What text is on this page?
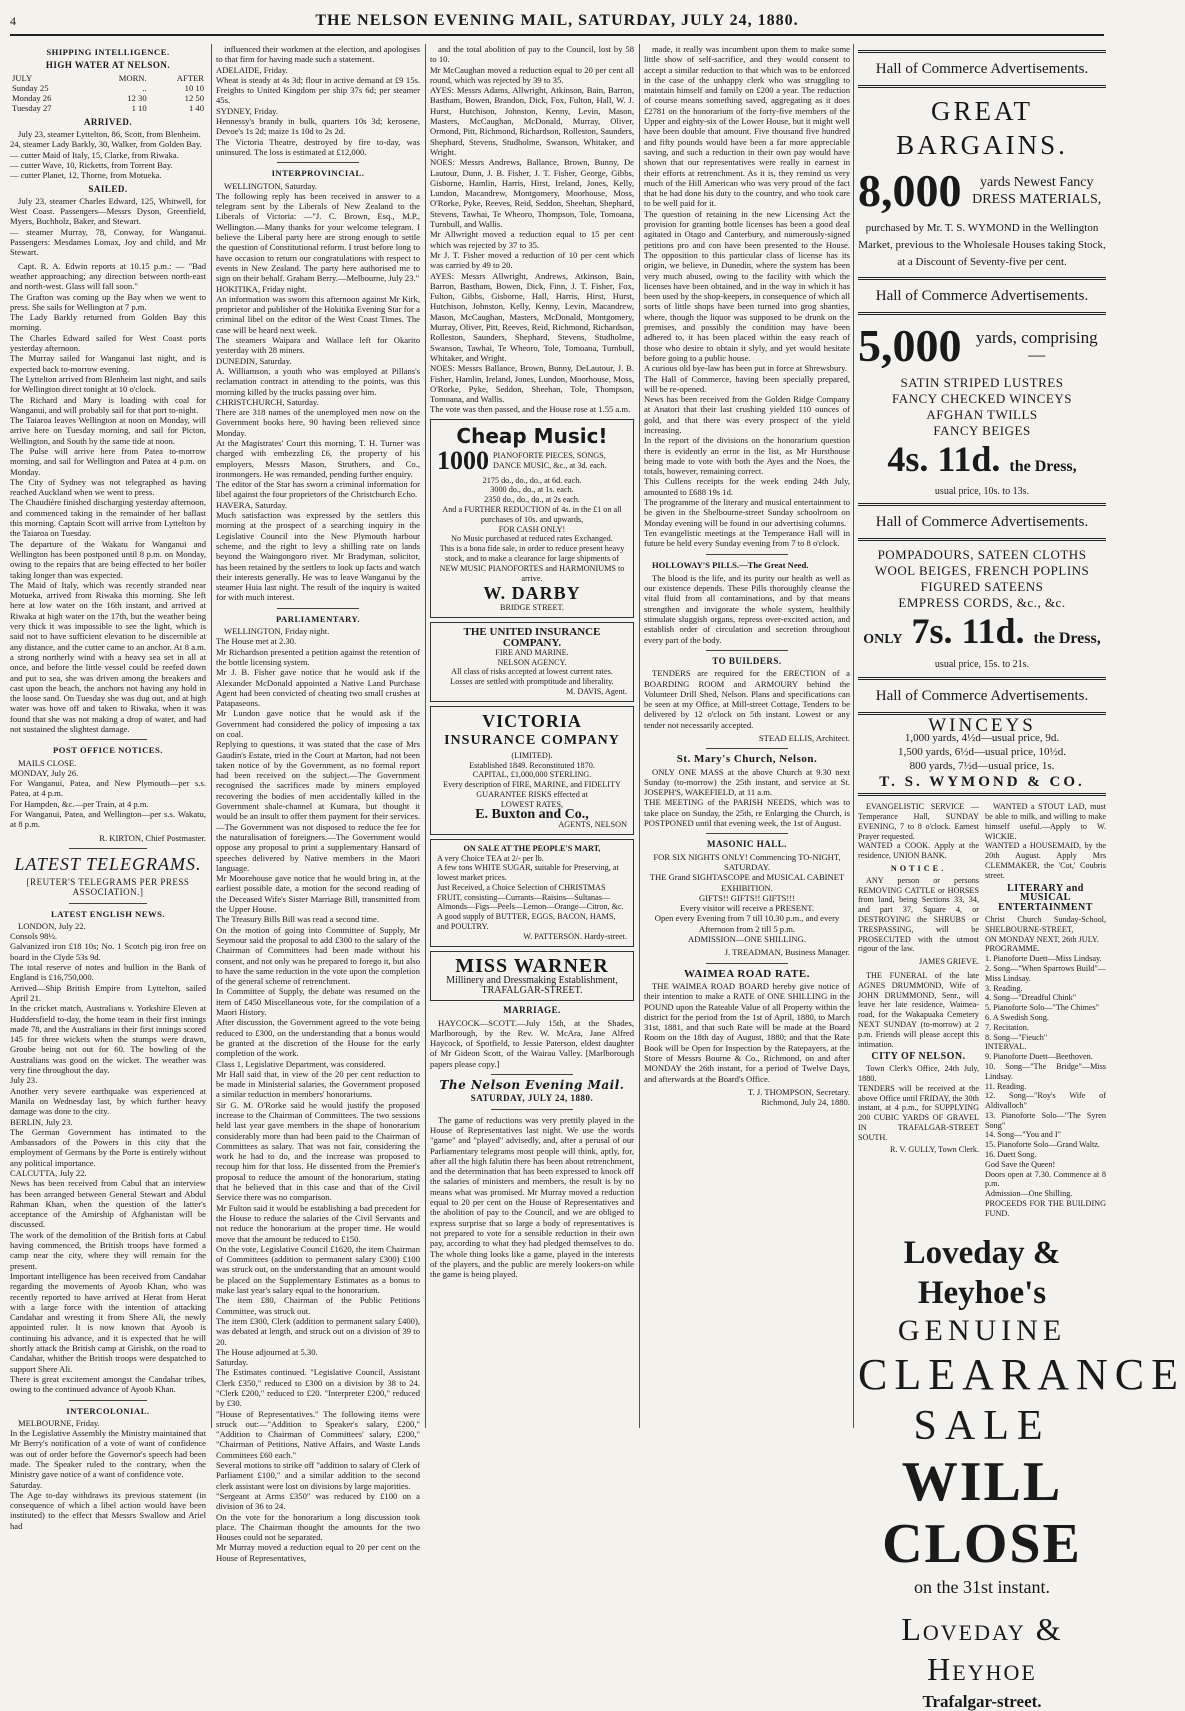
4	THE NELSON EVENING MAIL, SATURDAY, JULY 24, 1880.
SHIPPING INTELLIGENCE.
HIGH WATER AT NELSON.
JULY	MORN.	AFTER
Sunday 25	..	10 10
Monday 26	12 30	12 50
Tuesday 27	1 10	1 40
ARRIVED.
July 23, steamer Lyttelton, 86, Scott, from Blenheim.
24, steamer Lady Barkly, 30, Walker, from Golden Bay.
— cutter Maid of Italy, 15, Clarke, from Riwaka.
— cutter Wave, 10, Ricketts, from Torrent Bay.
— cutter Planet, 12, Thorne, from Motueka.
SAILED.
July 23, steamer Charles Edward, 125, Whitwell, for West Coast. Passengers—Messrs Dyson, Greenfield, Myers, Buchholz, Baker, and Stewart.
— steamer Murray, 78, Conway, for Wanganui. Passengers: Mesdames Lomax, Joy and child, and Mr Stewart.
Capt. R. A. Edwin reports at 10.15 p.m.: — "Bad weather approaching; any direction between north-east and north-west. Glass will fall soon."
The Grafton was coming up the Bay when we went to press. She sails for Wellington at 7 p.m.
The Lady Barkly returned from Golden Bay this morning.
The Charles Edward sailed for West Coast ports yesterday afternoon.
The Murray sailed for Wanganui last night, and is expected back to-morrow evening.
The Lyttelton arrived from Blenheim last night, and sails for Wellington direct tonight at 10 o'clock.
The Richard and Mary is loading with coal for Wanganui, and will probably sail for that port to-night.
The Taiaroa leaves Wellington at noon on Monday, will arrive here on Tuesday morning, and sail for Picton, Wellington, and South by the same tide at noon.
The Pulse will arrive here from Patea to-morrow morning, and sail for Wellington and Patea at 4 p.m. on Monday.
The City of Sydney was not telegraphed as having reached Auckland when we went to press.
The Chaudière finished discharging yesterday afternoon, and commenced taking in the remainder of her ballast this morning. Captain Scott will arrive from Lyttelton by the Taiaroa on Tuesday.
The departure of the Wakatu for Wanganui and Wellington has been postponed until 8 p.m. on Monday, owing to the repairs that are being effected to her boiler taking longer than was expected.
The Maid of Italy, which was recently stranded near Motueka, arrived from Riwaka this morning. She left here at low water on the 16th instant, and arrived at Riwaka at high water on the 17th, but the weather being very thick it was impossible to see the light, which is said not to have sufficient elevation to be discernible at any distance, and the cutter came to an anchor. At 8 a.m. a strong northerly wind with a heavy sea set in all at once, and before the little vessel could be reefed down and put to sea, she was driven among the breakers and cast upon the beach, the anchors not having any hold in the loose sand. On Tuesday she was dug out, and at high water was hove off and taken to Riwaka, when it was found that she was not making a drop of water, and had not sustained the slightest damage.
POST OFFICE NOTICES.
MAILS CLOSE.
MONDAY, July 26.
For Wanganui, Patea, and New Plymouth—per s.s. Patea, at 4 p.m.
For Hampden, &c.—per Train, at 4 p.m.
For Wanganui, Patea, and Wellington—per s.s. Wakatu, at 8 p.m.
R. KIRTON, Chief Postmaster.
LATEST TELEGRAMS.
[REUTER'S TELEGRAMS PER PRESS ASSOCIATION.]
LATEST ENGLISH NEWS.
LONDON, July 22.
Consols 98½.
Galvanized iron £18 10s; No. 1 Scotch pig iron free on board in the Clyde 53s 9d.
The total reserve of notes and bullion in the Bank of England is £16,750,000.
Arrived—Ship British Empire from Lyttelton, sailed April 21.
In the cricket match, Australians v. Yorkshire Eleven at Huddersfield to-day, the home team in their first innings made 78, and the Australians in their first innings scored 145 for three wickets when the stumps were drawn, Groube being not out for 60. The bowling of the Australians was good on the wicket. The weather was very fine throughout the day.
July 23.
Another very severe earthquake was experienced at Manila on Wednesday last, by which further heavy damage was done to the city.
BERLIN, July 23.
The German Government has intimated to the Ambassadors of the Powers in this city that the employment of Germans by the Porte is entirely without any political importance.
CALCUTTA, July 22.
News has been received from Cabul that an interview has been arranged between General Stewart and Abdul Rahman Khan, when the question of the latter's acceptance of the Amirship of Afghanistan will be discussed.
The work of the demolition of the British forts at Cabul having commenced, the British troops have formed a camp near the city, where they will remain for the present.
Important intelligence has been received from Candahar regarding the movements of Ayoob Khan, who was recently reported to have arrived at Herat from Herat with a large force with the intention of attacking Candahar and wresting it from Shere Ali, the newly appointed ruler. It is now known that Ayoob is continuing his advance, and it is expected that he will shortly attack the British camp at Girishk, on the road to Candahar, whither the British troops were despatched to support Shere Ali.
There is great excitement amongst the Candahar tribes, owing to the continued advance of Ayoob Khan.
INTERCOLONIAL.
MELBOURNE, Friday.
In the Legislative Assembly the Ministry maintained that Mr Berry's notification of a vote of want of confidence was out of order before the Governor's speech had been made. The Speaker ruled to the contrary, when the Ministry gave notice of a want of confidence vote.
Saturday.
The Age to-day withdraws its previous statement (in consequence of which a libel action would have been instituted) to the effect that Messrs Swallow and Ariel had
influenced their workmen at the election, and apologises to that firm for having made such a statement.
ADELAIDE, Friday.
Wheat is steady at 4s 3d; flour in active demand at £9 15s. Freights to United Kingdom per ship 37s 6d; per steamer 45s.
SYDNEY, Friday.
Hennessy's brandy in bulk, quarters 10s 3d; kerosene, Devoe's 1s 2d; maize 1s 10d to 2s 2d.
The Victoria Theatre, destroyed by fire to-day, was uninsured. The loss is estimated at £12,000.
INTERPROVINCIAL.
WELLINGTON, Saturday.
The following reply has been received in answer to a telegram sent by the Liberals of New Zealand to the Liberals of Victoria: —"J. C. Brown, Esq., M.P., Wellington.—Many thanks for your welcome telegram. I believe the Liberal party here are strong enough to settle the question of Constitutional reform. I trust before long to have occasion to return our congratulations with respect to events in New Zealand. The party here authorised me to sign on their behalf. Graham Berry.—Melbourne, July 23."
HOKITIKA, Friday night.
An information was sworn this afternoon against Mr Kirk, proprietor and publisher of the Hokitika Evening Star for a criminal libel on the editor of the West Coast Times. The case will be heard next week.
The steamers Waipara and Wallace left for Okarito yesterday with 28 miners.
DUNEDIN, Saturday.
A. Williamson, a youth who was employed at Pillans's reclamation contract in attending to the points, was this morning killed by the trucks passing over him.
CHRISTCHURCH, Saturday.
There are 318 names of the unemployed men now on the Government books here, 90 having been relieved since Monday.
At the Magistrates' Court this morning, T. H. Turner was charged with embezzling £6, the property of his employers, Messrs Mason, Struthers, and Co., ironmongers. He was remanded, pending further enquiry.
The editor of the Star has sworn a criminal information for libel against the four proprietors of the Christchurch Echo.
HAVERA, Saturday.
Much satisfaction was expressed by the settlers this morning at the prospect of a searching inquiry in the Legislative Council into the New Plymouth harbour scheme, and the right to levy a shilling rate on lands beyond the Waingongoro river. Mr Bradyman, solicitor, has been retained by the settlers to look up facts and watch their interests generally. He was to leave Wanganui by the steamer Huia last night. The result of the inquiry is waited for with much interest.
PARLIAMENTARY.
WELLINGTON, Friday night.
The House met at 2.30.
Mr Richardson presented a petition against the retention of the bottle licensing system.
Mr J. B. Fisher gave notice that he would ask if the Alexander McDonald appointed a Native Land Purchase Agent had been convicted of cheating two small crushes at Patapaseons.
Mr Lundon gave notice that he would ask if the Government had considered the policy of imposing a tax on coal.
Replying to questions, it was stated that the case of Mrs Gaudin's Estate, tried in the Court at Marton, had not been taken notice of by the Government, as no formal report had been received on the subject.—The Government recognised the sacrifices made by miners employed recovering the bodies of men accidentally killed in the Government shale-channel at Kumara, but thought it would be an insult to offer them payment for their services.—The Government was not disposed to reduce the fee for the naturalisation of foreigners.—The Government would oppose any proposal to print a supplementary Hansard of speeches delivered by Native members in the Maori language.
Mr Moorehouse gave notice that he would bring in, at the earliest possible date, a motion for the second reading of the Deceased Wife's Sister Marriage Bill, transmitted from the Upper House.
The Treasury Bills Bill was read a second time.
On the motion of going into Committee of Supply, Mr Seymour said the proposal to add £300 to the salary of the Chairman of Committees had been made without his consent, and not only was he prepared to forego it, but also to have the same reduction in the vote upon the completion of the general scheme of retrenchment.
In Committee of Supply, the debate was resumed on the item of £450 Miscellaneous vote, for the compilation of a Maori History.
After discussion, the Government agreed to the vote being reduced to £300, on the understanding that a bonus would be granted at the discretion of the House for the early completion of the work.
Class 1, Legislative Department, was considered.
Mr Hall said that, in view of the 20 per cent reduction to be made in Ministerial salaries, the Government proposed a similar reduction in members' honorariums.
Sir G. M. O'Rorke said he would justify the proposed increase to the Chairman of Committees. The two sessions held last year gave members in the shape of honorarium considerably more than had been paid to the Chairman of Committees as salary. That was not fair, considering the work he had to do, and the increase was proposed to recoup him for that loss. He dissented from the Premier's proposal to reduce the amount of the honorarium, stating that he believed that in this case and that of the Civil Service there was no comparison.
Mr Fulton said it would be establishing a bad precedent for the House to reduce the salaries of the Civil Servants and not reduce the honorarium at the proper time. He would move that the amount be reduced to £150.
On the vote, Legislative Council £1620, the item Chairman of Committees (addition to permanent salary £300) £100 was struck out, on the understanding that an amount would be placed on the Supplementary Estimates as a bonus to make last year's salary equal to the honorarium.
The item £80, Chairman of the Public Petitions Committee, was struck out.
The item £300, Clerk (addition to permanent salary £400), was debated at length, and struck out on a division of 39 to 20.
The House adjourned at 5.30.
Saturday.
The Estimates continued. "Legislative Council, Assistant Clerk £350," reduced to £300 on a division by 38 to 24. "Clerk £200," reduced to £20. "Interpreter £200," reduced by £30.
"House of Representatives." The following items were struck out:—"Addition to Speaker's salary, £200," "Addition to Chairman of Committees' salary, £200," "Chairman of Petitions, Native Affairs, and Waste Lands Committees £60 each."
Several motions to strike off "addition to salary of Clerk of Parliament £100," and a similar addition to the second clerk assistant were lost on divisions by large majorities.
"Sergeant at Arms £350" was reduced by £100 on a division of 36 to 24.
On the vote for the honorarium a long discussion took place. The Chairman thought the amounts for the two Houses could not be separated.
Mr Murray moved a reduction equal to 20 per cent on the House of Representatives,
and the total abolition of pay to the Council, lost by 58 to 10.
Mr McCaughan moved a reduction equal to 20 per cent all round, which was rejected by 39 to 35.
AYES: Messrs Adams, Allwright, Atkinson, Bain, Barron, Bastham, Bowen, Brandon, Dick, Fox, Fulton, Hall, W. J. Hurst, Hutchison, Johnston, Kenny, Levin, Mason, Masters, McCaughan, McDonald, Murray, Oliver, Ormond, Pitt, Richmond, Richardson, Rolleston, Saunders, Shephard, Stevens, Studholme, Swanson, Whitaker, and Wright.
NOES: Messrs Andrews, Ballance, Brown, Bunny, De Lautour, Dunn, J. B. Fisher, J. T. Fisher, George, Gibbs, Gisborne, Hamlin, Harris, Hirst, Ireland, Jones, Kelly, Lundon, Macandrew, Montgomery, Moorhouse, Moss, O'Rorke, Pyke, Reeves, Reid, Seddon, Sheehan, Shephard, Stevens, Tawhai, Te Wheoro, Thompson, Tole, Tomoana, Turnbull, and Wallis.
Mr Allwright moved a reduction equal to 15 per cent which was rejected by 37 to 35.
Mr J. T. Fisher moved a reduction of 10 per cent which was carried by 49 to 20.
AYES: Messrs Allwright, Andrews, Atkinson, Bain, Barron, Bastham, Bowen, Dick, Finn, J. T. Fisher, Fox, Fulton, Gibbs, Gisborne, Hall, Harris, Hirst, Hurst, Hutchison, Johnston, Kelly, Kenny, Levin, Macandrew, Mason, McCaughan, Masters, McDonald, Montgomery, Murray, Oliver, Pitt, Reeves, Reid, Richmond, Richardson, Rolleston, Saunders, Shephard, Stevens, Studholme, Swanson, Tawhai, Te Wheoro, Tole, Tomoana, Turnbull, Whitaker, and Wright.
NOES: Messrs Ballance, Brown, Bunny, DeLautour, J. B. Fisher, Hamlin, Ireland, Jones, Lundon, Moorhouse, Moss, O'Rorke, Pyke, Seddon, Sheehan, Tole, Thompson, Tomoana, and Wallis.
The vote was then passed, and the House rose at 1.55 a.m.
Cheap Music!
1000 PIANOFORTE PIECES, SONGS, DANCE MUSIC, &c., at 3d. each.
2175 do., do., do., at 6d. each.
3000 do., do., at 1s. each.
2350 do., do., do., at 2s each.
And a FURTHER REDUCTION of 4s. in the £1 on all purchases of 10s. and upwards,
FOR CASH ONLY!
No Music purchased at reduced rates Exchanged.
This is a bona fide sale, in order to reduce present heavy stock, and to make a clearance for large shipments of NEW MUSIC PIANOFORTES and HARMONIUMS to arrive.
W. DARBY
BRIDGE STREET.
THE UNITED INSURANCE COMPANY.
FIRE AND MARINE.
NELSON AGENCY.
All class of risks accepted at lowest current rates.
Losses are settled with promptitude and liberality.
M. DAVIS, Agent.
VICTORIA
INSURANCE COMPANY
(LIMITED).
Established 1849. Reconstituted 1870.
CAPITAL, £1,000,000 STERLING.
Every description of FIRE, MARINE, and FIDELITY GUARANTEE RISKS effected at
LOWEST RATES,
E. Buxton and Co.,
AGENTS, NELSON
ON SALE AT THE PEOPLE'S MART,
A very Choice TEA at 2/- per lb.
A few tons WHITE SUGAR, suitable for Preserving, at lowest market prices.
Just Received, a Choice Selection of CHRISTMAS FRUIT, consisting—Currants—Raisins—Sultanas—Almonds—Figs—Peels—Lemon—Orange—Citron, &c.
A good supply of BUTTER, EGGS, BACON, HAMS, and POULTRY.
W. PATTERSON. Hardy-street.
MISS WARNER
Millinery and Dressmaking Establishment,
TRAFALGAR-STREET.
MARRIAGE.
HAYCOCK—SCOTT.—July 15th, at the Shades, Marlborough, by the Rev. W. McAra, Jane Alfred Haycock, of Spotfield, to Jessie Paterson, eldest daughter of Mr Gideon Scott, of the Wairau Valley. [Marlborough papers please copy.]
The Nelson Evening Mail.
SATURDAY, JULY 24, 1880.
The game of reductions was very prettily played in the House of Representatives last night. We use the words "game" and "played" advisedly, and, after a perusal of our Parliamentary telegrams most people will think, aptly, for, after all the high falutin there has been about retrenchment, and the determination that has been expressed to knock off the salaries of ministers and members, the result is by no means what was promised. Mr Murray moved a reduction equal to 20 per cent on the House of Representatives and the abolition of pay to the Council, and we are obliged to express surprise that so large a body of representatives is not prepared to vote for a sensible reduction in their own pay, according to what they had pledged themselves to do. The whole thing looks like a game, played in the interests of the players, and the public are merely lookers-on while the game is being played.
made, it really was incumbent upon them to make some little show of self-sacrifice, and they would consent to accept a similar reduction to that which was to be enforced in the case of the unhappy clerk who was struggling to maintain himself and family on £200 a year. The reduction of course means something saved, aggregating as it does £2781 on the honorarium of the forty-five members of the Upper and eighty-six of the Lower House, but it might well have been double that amount. Five thousand five hundred and fifty pounds would have been a far more appreciable saving, and such a reduction in their own pay would have shown that our representatives were really in earnest in their efforts at retrenchment. As it is, they remind us very much of the Hill American who was very proud of the fact that he had done his duty to the country, and who took care to be well paid for it.
The question of retaining in the new Licensing Act the provision for granting bottle licenses has been a good deal agitated in Otago and Canterbury, and numerously-signed petitions pro and con have been presented to the House. The opposition to this particular class of license has its origin, we believe, in Dunedin, where the system has been very much abused, owing to the facility with which the licenses have been obtained, and in the way in which it has been used by the shop-keepers, in consequence of which all sorts of little shops have been turned into grog shanties, where, though the liquor was supposed to be drunk on the premises, and possibly the condition may have been adhered to, it has been placed within the easy reach of those who desire to obtain it slyly, and yet would hesitate before going to a public house.
A curious old bye-law has been put in force at Shrewsbury.
The Hall of Commerce, having been specially prepared, will be re-opened.
News has been received from the Golden Ridge Company at Anatori that their last crushing yielded 110 ounces of gold, and that there was every prospect of the yield increasing.
In the report of the divisions on the honorarium question there is evidently an error in the list, as Mr Hursthouse being made to vote with both the Ayes and the Noes, the totals, however, remaining correct.
This Cullens receipts for the week ending 24th July, amounted to £688 19s 1d.
The programme of the literary and musical entertainment to be given in the Shelbourne-street Sunday schoolroom on Monday evening will be found in our advertising columns.
Ten evangelistic meetings at the Temperance Hall will in future be held every Sunday evening from 7 to 8 o'clock.
HOLLOWAY'S PILLS.—The Great Need.
The blood is the life, and its purity our health as well as our existence depends. These Pills thoroughly cleanse the vital fluid from all contaminations, and by that means strengthen and invigorate the whole system, healthily stimulate sluggish organs, repress over-excited action, and establish order of circulation and secretion throughout every part of the body.
TO BUILDERS.
TENDERS are required for the ERECTION of a BOARDING ROOM and ARMOURY behind the Volunteer Drill Shed, Nelson. Plans and specifications can be seen at my Office, at Mill-street Cottage, Tenders to be delivered by 12 o'clock on 5th instant. Lowest or any tender not necessarily accepted.
STEAD ELLIS, Architect.
St. Mary's Church, Nelson.
ONLY ONE MASS at the above Church at 9.30 next Sunday (to-morrow) the 25th instant, and service at St. JOSEPH'S, WAKEFIELD, at 11 a.m.
THE MEETING of the PARISH NEEDS, which was to take place on Sunday, the 25th, re Enlarging the Church, is POSTPONED until that evening week, the 1st of August.
MASONIC HALL.
FOR SIX NIGHTS ONLY! Commencing TO-NIGHT, SATURDAY.
THE Grand SIGHTASCOPE and MUSICAL CABINET EXHIBITION.
GIFTS!! GIFTS!! GIFTS!!!
Every visitor will receive a PRESENT.
Open every Evening from 7 till 10.30 p.m., and every Afternoon from 2 till 5 p.m.
ADMISSION—ONE SHILLING.
J. TREADMAN, Business Manager.
WAIMEA ROAD RATE.
THE WAIMEA ROAD BOARD hereby give notice of their intention to make a RATE of ONE SHILLING in the POUND upon the Rateable Value of all Property within the district for the period from the 1st of April, 1880, to March 31st, 1881, and that such Rate will be made at the Board Room on the 18th day of August, 1880; and that the Rate Book will be Open for Inspection by the Ratepayers, at the Store of Messrs Bourne & Co., Richmond, on and after MONDAY the 26th instant, for a period of Twelve Days, and afterwards at the Board's Office.
T. J. THOMPSON, Secretary.
Richmond, July 24, 1880.
Hall of Commerce Advertisements.
GREAT BARGAINS.
8,000	yards Newest Fancy DRESS MATERIALS,
purchased by Mr. T. S. WYMOND in the Wellington Market, previous to the Wholesale Houses taking Stock, at a Discount of Seventy-five per cent.
Hall of Commerce Advertisements.
5,000 yards, comprising—
SATIN STRIPED LUSTRES
FANCY CHECKED WINCEYS
AFGHAN TWILLS
FANCY BEIGES
4s. 11d. the Dress,
usual price, 10s. to 13s.
Hall of Commerce Advertisements.
POMPADOURS, SATEEN CLOTHS
WOOL BEIGES, FRENCH POPLINS
FIGURED SATEENS
EMPRESS CORDS, &c., &c.
ONLY 7s. 11d. the Dress,
usual price, 15s. to 21s.
Hall of Commerce Advertisements.
WINCEYS
1,000 yards, 4½d—usual price, 9d.
1,500 yards, 6½d—usual price, 10½d.
800 yards, 7½d—usual price, 1s.
T. S. WYMOND & CO.
EVANGELISTIC SERVICE — Temperance Hall, SUNDAY EVENING, 7 to 8 o'clock. Earnest Prayer requested.
WANTED a COOK. Apply at the residence, UNION BANK.
NOTICE.
ANY person or persons REMOVING CATTLE or HORSES from land, being Sections 33, 34, and part 37, Square 4, or DESTROYING the SHRUBS or TRESPASSING, will be PROSECUTED with the utmost rigour of the law.
JAMES GRIEVE.
THE FUNERAL of the late AGNES DRUMMOND, Wife of JOHN DRUMMOND, Senr., will leave her late residence, Waimea-road, for the Wakapuaka Cemetery NEXT SUNDAY (to-morrow) at 2 p.m. Friends will please accept this intimation.
CITY OF NELSON.
Town Clerk's Office, 24th July, 1880.
TENDERS will be received at the above Office until FRIDAY, the 30th instant, at 4 p.m., for SUPPLYING 200 CUBIC YARDS OF GRAVEL IN TRAFALGAR-STREET SOUTH.
R. V. GULLY, Town Clerk.
WANTED a STOUT LAD, must be able to milk, and willing to make himself useful.—Apply to W. WICKIE.
WANTED a HOUSEMAID, by the 20th August. Apply Mrs CLEMMAKER, the 'Cot,' Coubris street.
LITERARY and MUSICAL ENTERTAINMENT
Christ Church Sunday-School, SHELBOURNE-STREET,
ON MONDAY NEXT, 26th JULY.
PROGRAMME.
1. Pianoforte Duett—Miss Lindsay.
2. Song—"When Sparrows Build"—Miss Lindsay.
3. Reading.
4. Song—"Dreadful Chink"
5. Pianoforte Solo—"The Chimes"
6. A Swedish Song.
7. Recitation.
8. Song—"Fieuch"
INTERVAL.
9. Pianoforte Duett—Beethoven.
10. Song—"The Bridge"—Miss Lindsay.
11. Reading.
12. Song—"Roy's Wife of Aldivalloch"
13. Pianoforte Solo—"The Syren Song"
14. Song—"You and I"
15. Pianoforte Solo—Grand Waltz.
16. Duett Song.
God Save the Queen!
Doors open at 7.30. Commence at 8 p.m.
Admission—One Shilling.
PROCEEDS FOR THE BUILDING FUND.
Loveday & Heyhoe's
GENUINE
CLEARANCE
SALE
WILL CLOSE
on the 31st instant.
Loveday & Heyhoe
Trafalgar-street.
